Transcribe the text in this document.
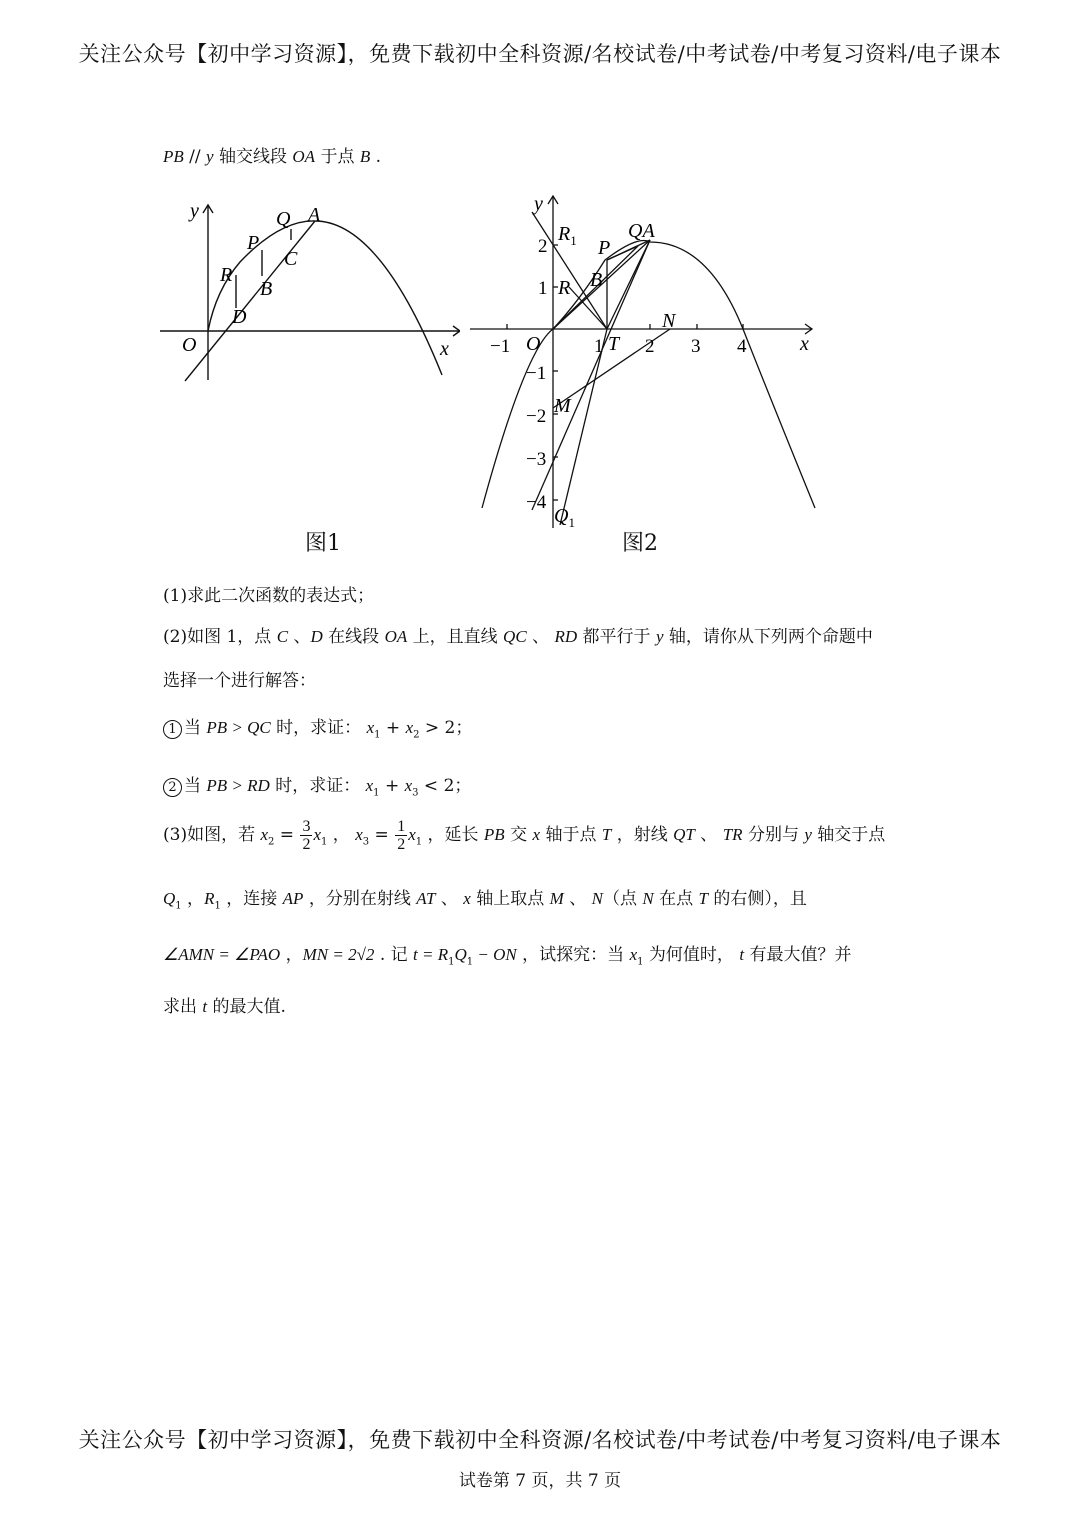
关注公众号【初中学习资源】，免费下载初中全科资源/名校试卷/中考试卷/中考复习资料/电子课本
PB // y 轴交线段 OA 于点 B .
y
x
O
Q A
P
C
R
B
D
图1
y
x
O
$R_1$ P
QA
B
R
T
N
M
$Q_1$
−1	1 2 3 4
2
1
−1
−2
−3
−4
图2
(1)求此二次函数的表达式；
(2)如图 1，点 C 、D 在线段 OA 上，且直线 QC 、 RD 都平行于 y 轴，请你从下列两个命题中
选择一个进行解答：
1 当 PB > QC 时，求证： $x_1 + x_2 > 2$；
2 当 PB > RD 时，求证： $x_1 + x_3 < 2$；
(3)如图，若 $x_2 = \frac{3}{2} x_1$ ， $x_3 = \frac{1}{2} x_1$ ，延长 PB 交 x 轴于点 T ，射线 QT 、 TR 分别与 y 轴交于点
$Q_1$ ，$R_1$ ，连接 AP ，分别在射线 AT 、 x 轴上取点 M 、 N（点 N 在点 T 的右侧），且
∠AMN = ∠PAO ，MN = 2√2 . 记 $t = R_1Q_1$ − ON ，试探究：当 $x_1$ 为何值时， t 有最大值？并
求出 t 的最大值.
关注公众号【初中学习资源】，免费下载初中全科资源/名校试卷/中考试卷/中考复习资料/电子课本
试卷第 7 页，共 7 页
